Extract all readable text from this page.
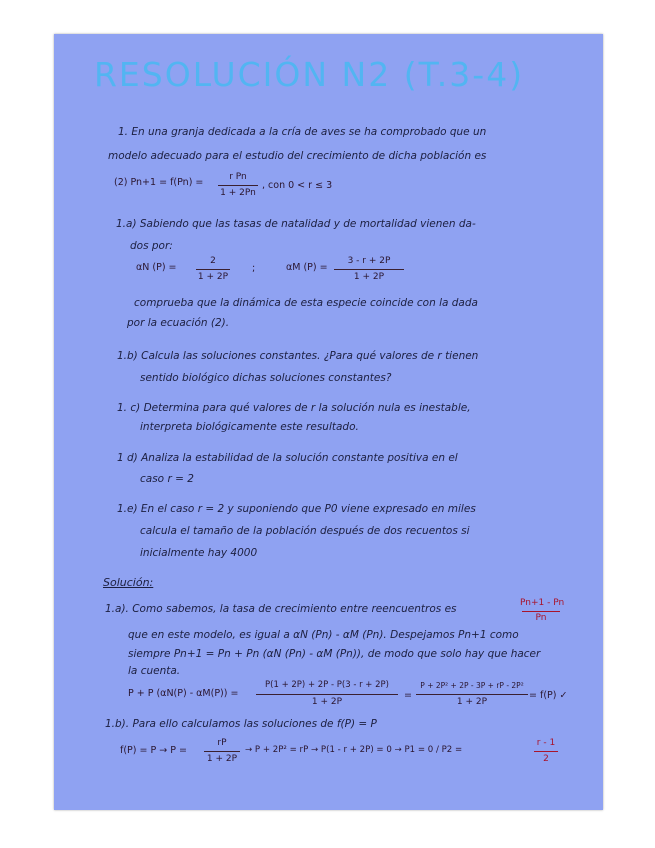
RESOLUCIÓN N2 (T.3-4)
1. En una granja dedicada a la cría de aves se ha comprobado que un
modelo adecuado para el estudio del crecimiento de dicha población es
(2) Pn+1 = f(Pn) =	r Pn
1 + 2Pn
, con 0 < r ≤ 3
1.a) Sabiendo que las tasas de natalidad y de mortalidad vienen da-
dos por:
αN (P) =
2
1 + 2P
;	αM (P) =
3 - r + 2P
1 + 2P
comprueba que la dinámica de esta especie coincide con la dada
por la ecuación (2).
1.b) Calcula las soluciones constantes. ¿Para qué valores de r tienen
sentido biológico dichas soluciones constantes?
1. c) Determina para qué valores de r la solución nula es inestable,
interpreta biológicamente este resultado.
1 d) Analiza la estabilidad de la solución constante positiva en el
caso r = 2
1.e) En el caso r = 2 y suponiendo que P0 viene expresado en miles
calcula el tamaño de la población después de dos recuentos si
inicialmente hay 4000
Solución:
1.a). Como sabemos, la tasa de crecimiento entre reencuentros es	Pn+1 - Pn
Pn
que en este modelo, es igual a αN (Pn) - αM (Pn). Despejamos Pn+1 como
siempre Pn+1 = Pn + Pn (αN (Pn) - αM (Pn)), de modo que solo hay que hacer
la cuenta.
P + P (αN(P) - αM(P)) =
P(1 + 2P) + 2P - P(3 - r + 2P)
1 + 2P
=
P + 2P² + 2P - 3P + rP - 2P²
1 + 2P
= f(P) ✓
1.b). Para ello calculamos las soluciones de f(P) = P
f(P) = P → P =
rP
1 + 2P
→ P + 2P² = rP → P(1 - r + 2P) = 0 → P1 = 0 / P2 =
r - 1
2
